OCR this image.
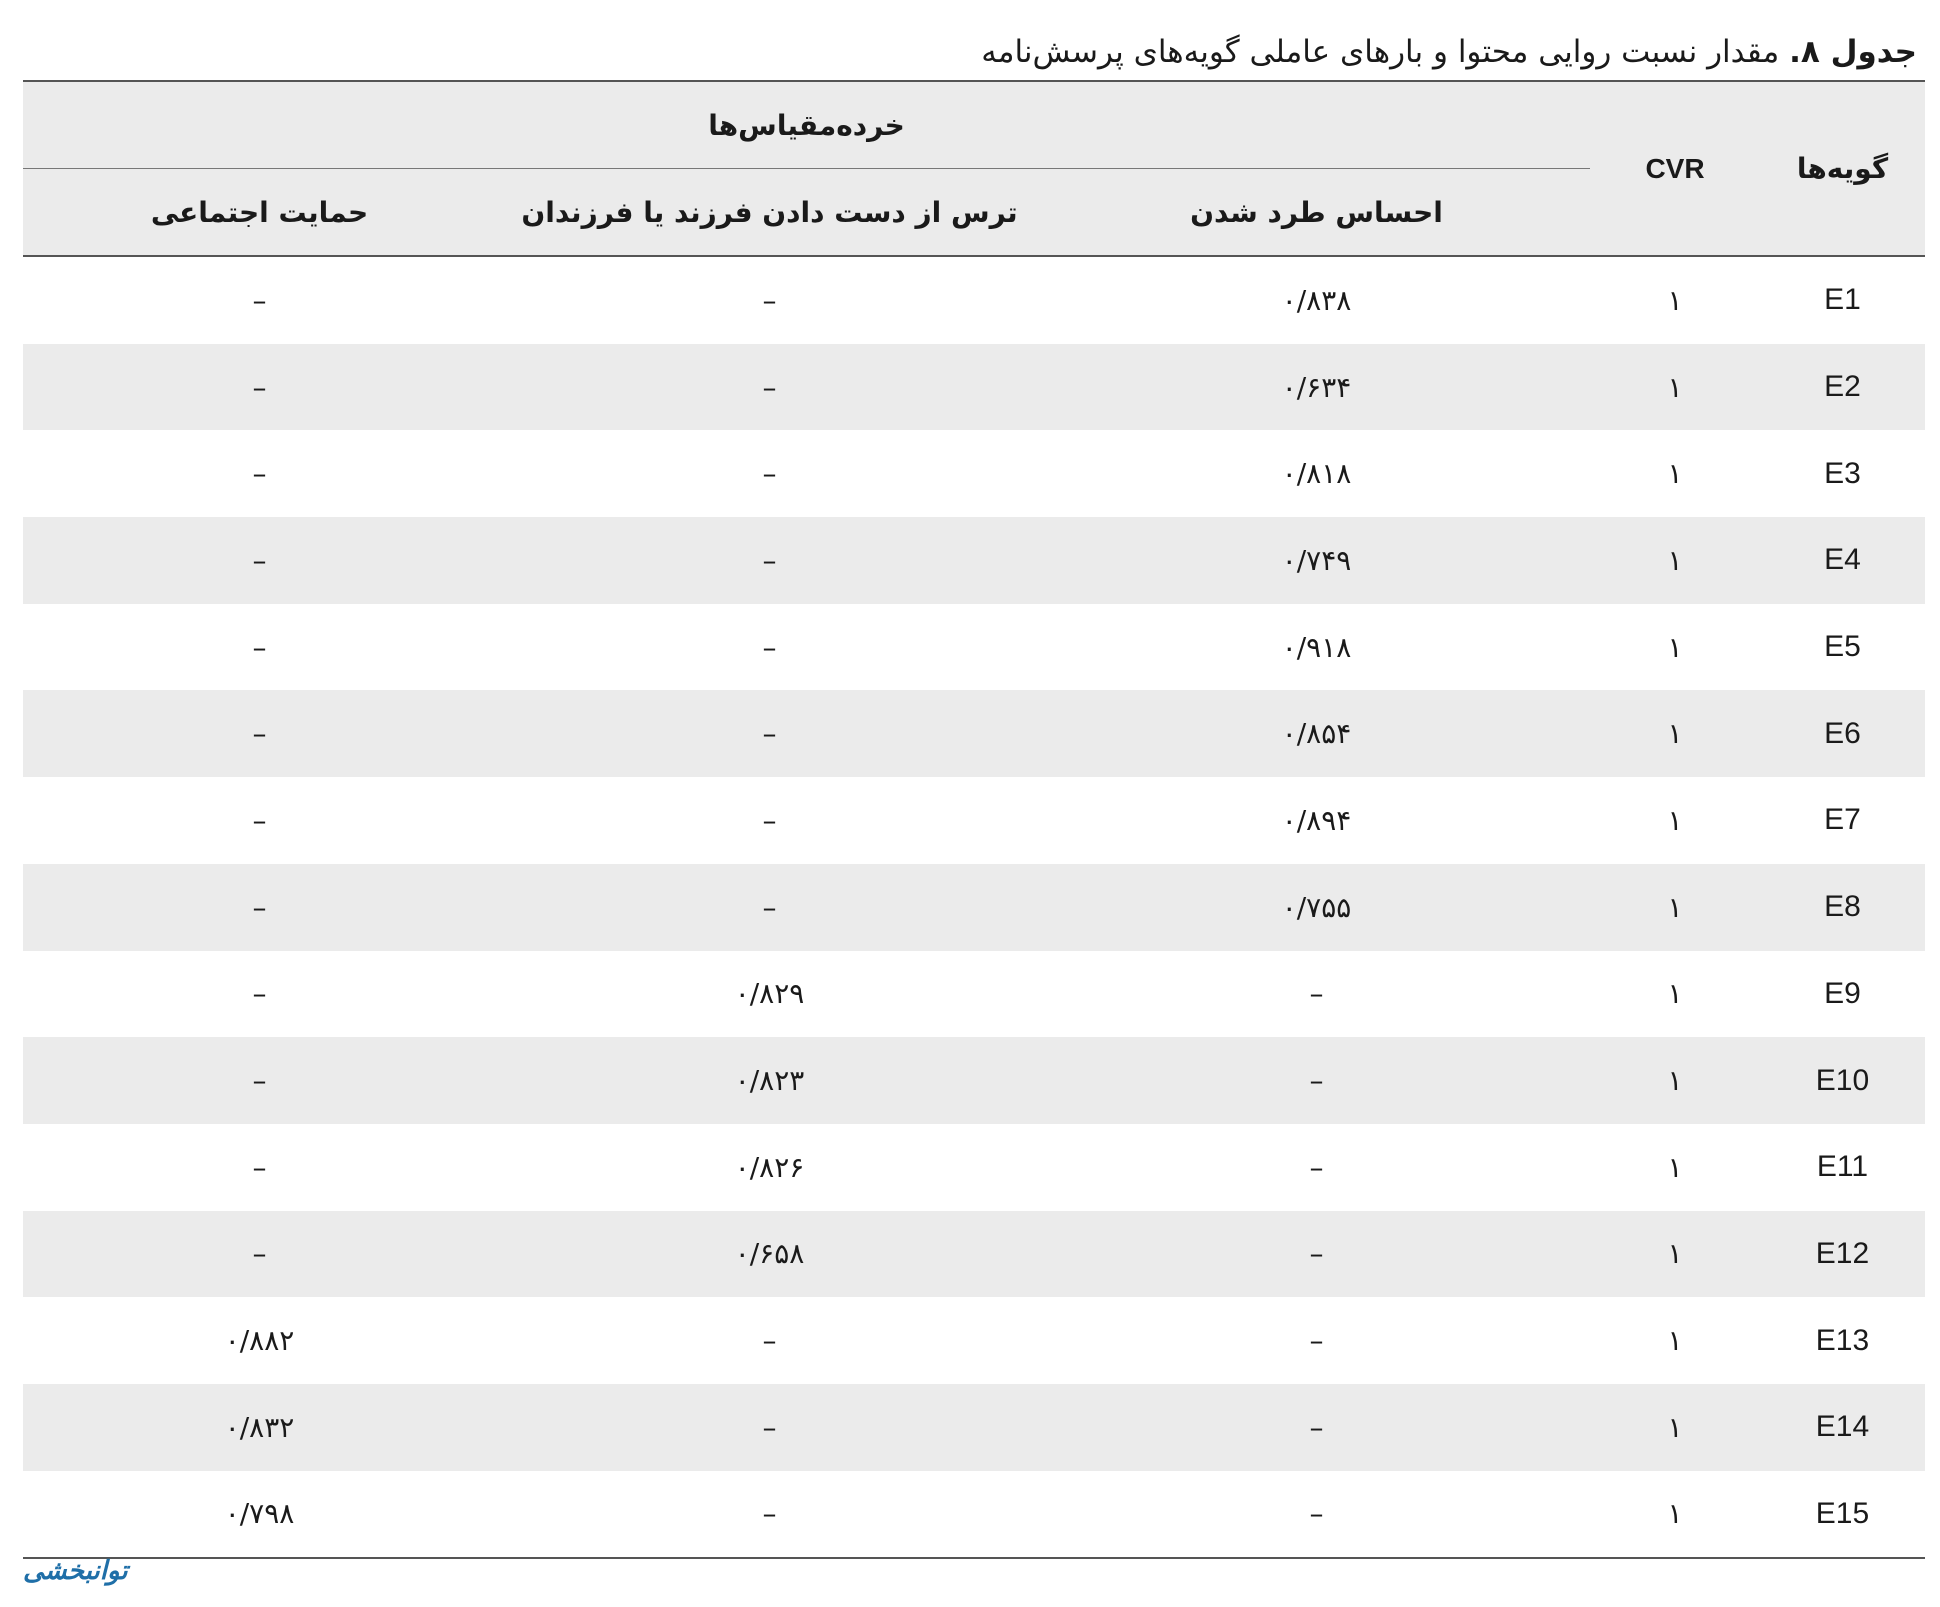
جدول ۸. مقدار نسبت روایی محتوا و بارهای عاملی گویه‌های پرسش‌نامه
گویه‌ها	CVR	خرده‌مقیاس‌ها		
		احساس طرد شدن	ترس از دست دادن فرزند یا فرزندان	حمایت اجتماعی
E1	۱	۰/۸۳۸	–	–
E2	۱	۰/۶۳۴	–	–
E3	۱	۰/۸۱۸	–	–
E4	۱	۰/۷۴۹	–	–
E5	۱	۰/۹۱۸	–	–
E6	۱	۰/۸۵۴	–	–
E7	۱	۰/۸۹۴	–	–
E8	۱	۰/۷۵۵	–	–
E9	۱	–	۰/۸۲۹	–
E10	۱	–	۰/۸۲۳	–
E11	۱	–	۰/۸۲۶	–
E12	۱	–	۰/۶۵۸	–
E13	۱	–	–	۰/۸۸۲
E14	۱	–	–	۰/۸۳۲
E15	۱	–	–	۰/۷۹۸
توانبخشی
